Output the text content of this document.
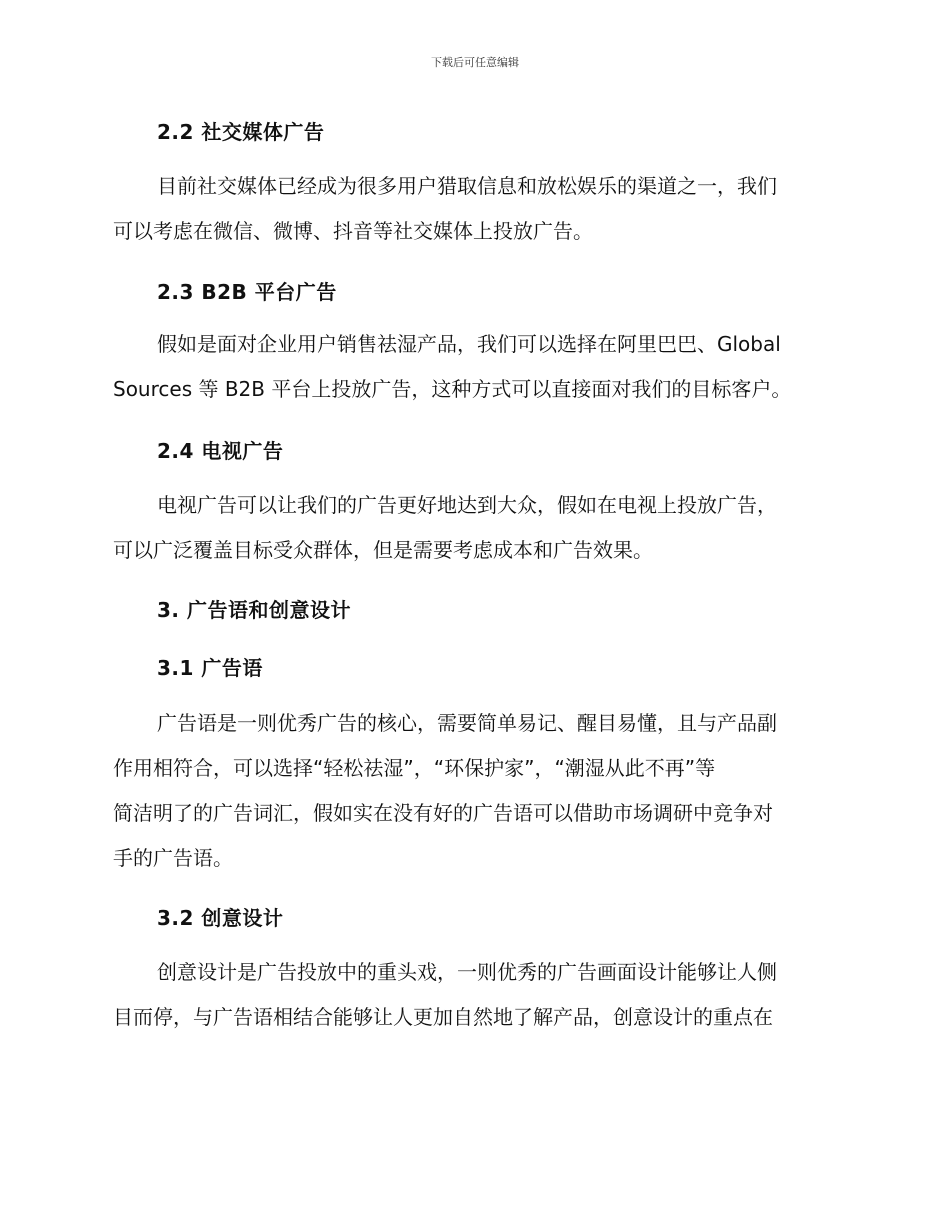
下载后可任意编辑
2.2 社交媒体广告
目前社交媒体已经成为很多用户猎取信息和放松娱乐的渠道之一，我们
可以考虑在微信、微博、抖音等社交媒体上投放广告。
2.3 B2B 平台广告
假如是面对企业用户销售祛湿产品，我们可以选择在阿里巴巴、Global
Sources 等 B2B 平台上投放广告，这种方式可以直接面对我们的目标客户。
2.4 电视广告
电视广告可以让我们的广告更好地达到大众，假如在电视上投放广告，
可以广泛覆盖目标受众群体，但是需要考虑成本和广告效果。
3. 广告语和创意设计
3.1 广告语
广告语是一则优秀广告的核心，需要简单易记、醒目易懂，且与产品副
作用相符合，可以选择“轻松祛湿”，“环保护家”，“潮湿从此不再”等
简洁明了的广告词汇，假如实在没有好的广告语可以借助市场调研中竞争对
手的广告语。
3.2 创意设计
创意设计是广告投放中的重头戏，一则优秀的广告画面设计能够让人侧
目而停，与广告语相结合能够让人更加自然地了解产品，创意设计的重点在
